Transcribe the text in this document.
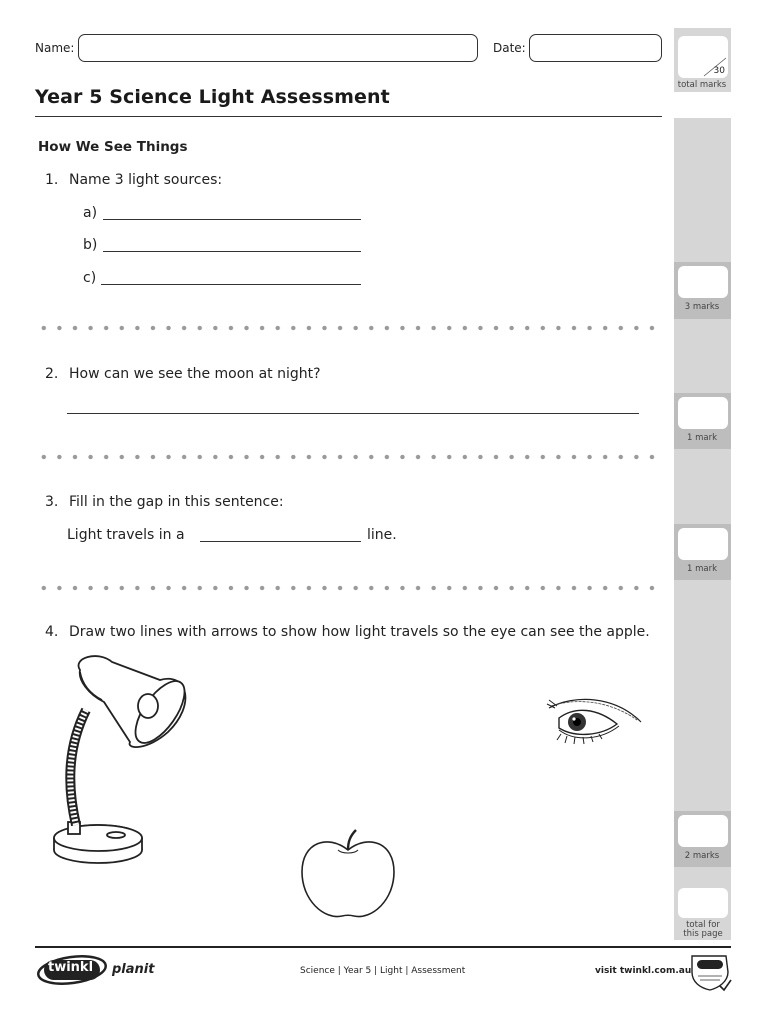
Name:	Date:
Year 5 Science Light Assessment
30
total marks
3 marks
1 mark
1 mark
2 marks
total for this page
How We See Things
1. Name 3 light sources:
a)
b)
c)
2. How can we see the moon at night?
3. Fill in the gap in this sentence:
Light travels in a	line.
4. Draw two lines with arrows to show how light travels so the eye can see the apple.
twinkl planit	Science | Year 5 | Light | Assessment	visit twinkl.com.au
